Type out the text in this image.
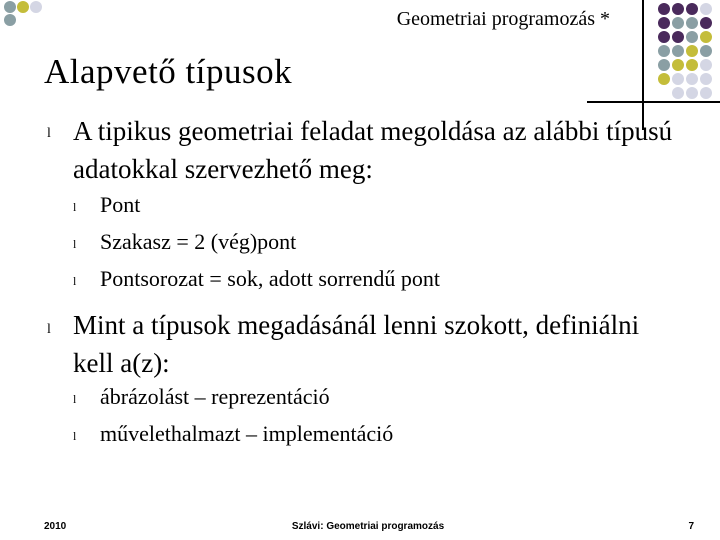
Geometriai programozás *
Alapvető típusok
l A tipikus geometriai feladat megoldása az alábbi típusú adatokkal szervezhető meg:
l Pont
l Szakasz = 2 (vég)pont
l Pontsorozat = sok, adott sorrendű pont
l Mint a típusok megadásánál lenni szokott, definiálni kell a(z):
l ábrázolást – reprezentáció
l művelethalmazt – implementáció
2010	Szlávi: Geometriai programozás	7
